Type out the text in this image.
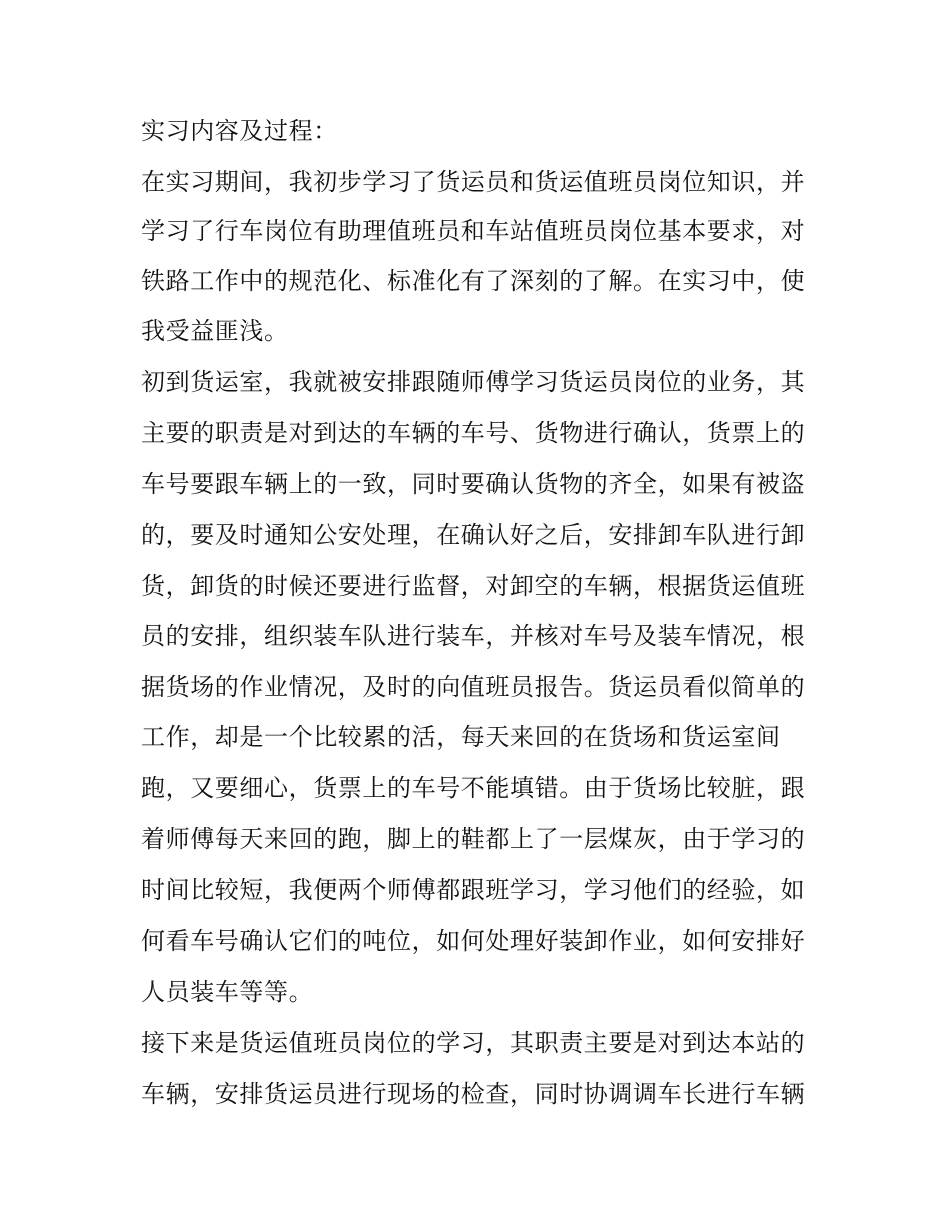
实习内容及过程：
在实习期间，我初步学习了货运员和货运值班员岗位知识，并
学习了行车岗位有助理值班员和车站值班员岗位基本要求，对
铁路工作中的规范化、标准化有了深刻的了解。在实习中，使
我受益匪浅。
初到货运室，我就被安排跟随师傅学习货运员岗位的业务，其
主要的职责是对到达的车辆的车号、货物进行确认，货票上的
车号要跟车辆上的一致，同时要确认货物的齐全，如果有被盗
的，要及时通知公安处理，在确认好之后，安排卸车队进行卸
货，卸货的时候还要进行监督，对卸空的车辆，根据货运值班
员的安排，组织装车队进行装车，并核对车号及装车情况，根
据货场的作业情况，及时的向值班员报告。货运员看似简单的
工作，却是一个比较累的活，每天来回的在货场和货运室间
跑，又要细心，货票上的车号不能填错。由于货场比较脏，跟
着师傅每天来回的跑，脚上的鞋都上了一层煤灰，由于学习的
时间比较短，我便两个师傅都跟班学习，学习他们的经验，如
何看车号确认它们的吨位，如何处理好装卸作业，如何安排好
人员装车等等。
接下来是货运值班员岗位的学习，其职责主要是对到达本站的
车辆，安排货运员进行现场的检查，同时协调调车长进行车辆
